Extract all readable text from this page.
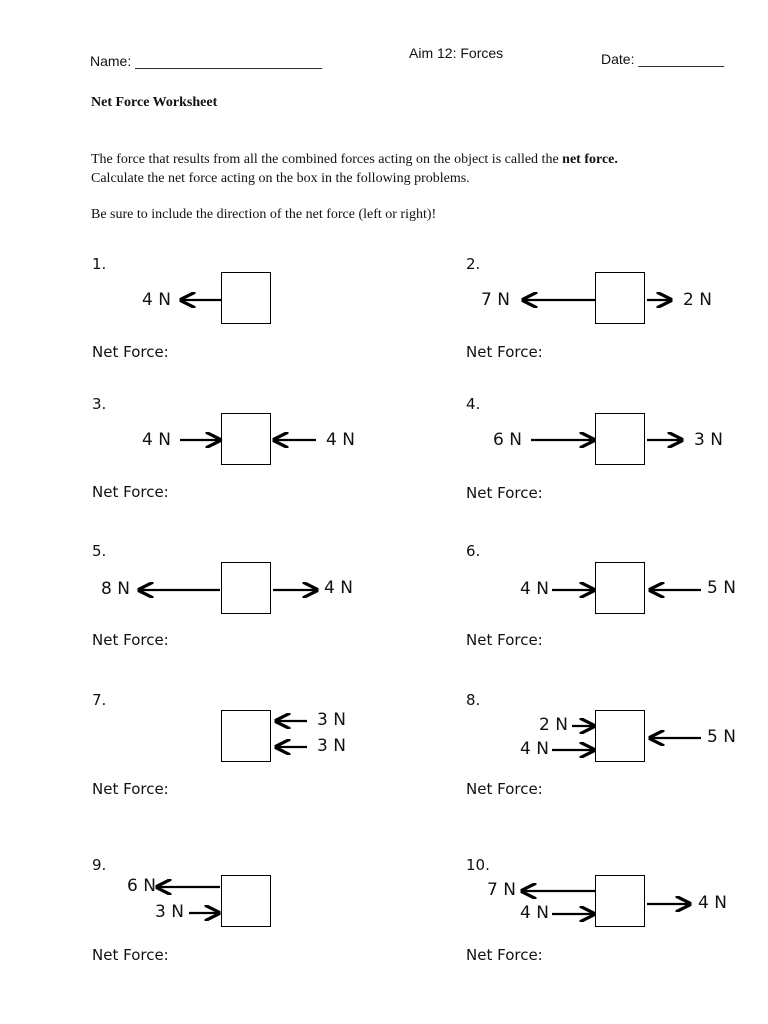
Name: ________________________	Aim 12: Forces	Date: ___________
Net Force Worksheet
The force that results from all the combined forces acting on the object is called the net force. Calculate the net force acting on the box in the following problems.
Be sure to include the direction of the net force (left or right)!
1.
4 N
Net Force:
2.
7 N	2 N
Net Force:
3.
4 N	4 N
Net Force:
4.
6 N	3 N
Net Force:
5.
8 N	4 N
Net Force:
6.
4 N	5 N
Net Force:
7.
3 N
3 N
Net Force:
8.
2 N
4 N
5 N
Net Force:
9.
6 N
3 N
Net Force:
10.
7 N
4 N	4 N
Net Force:
